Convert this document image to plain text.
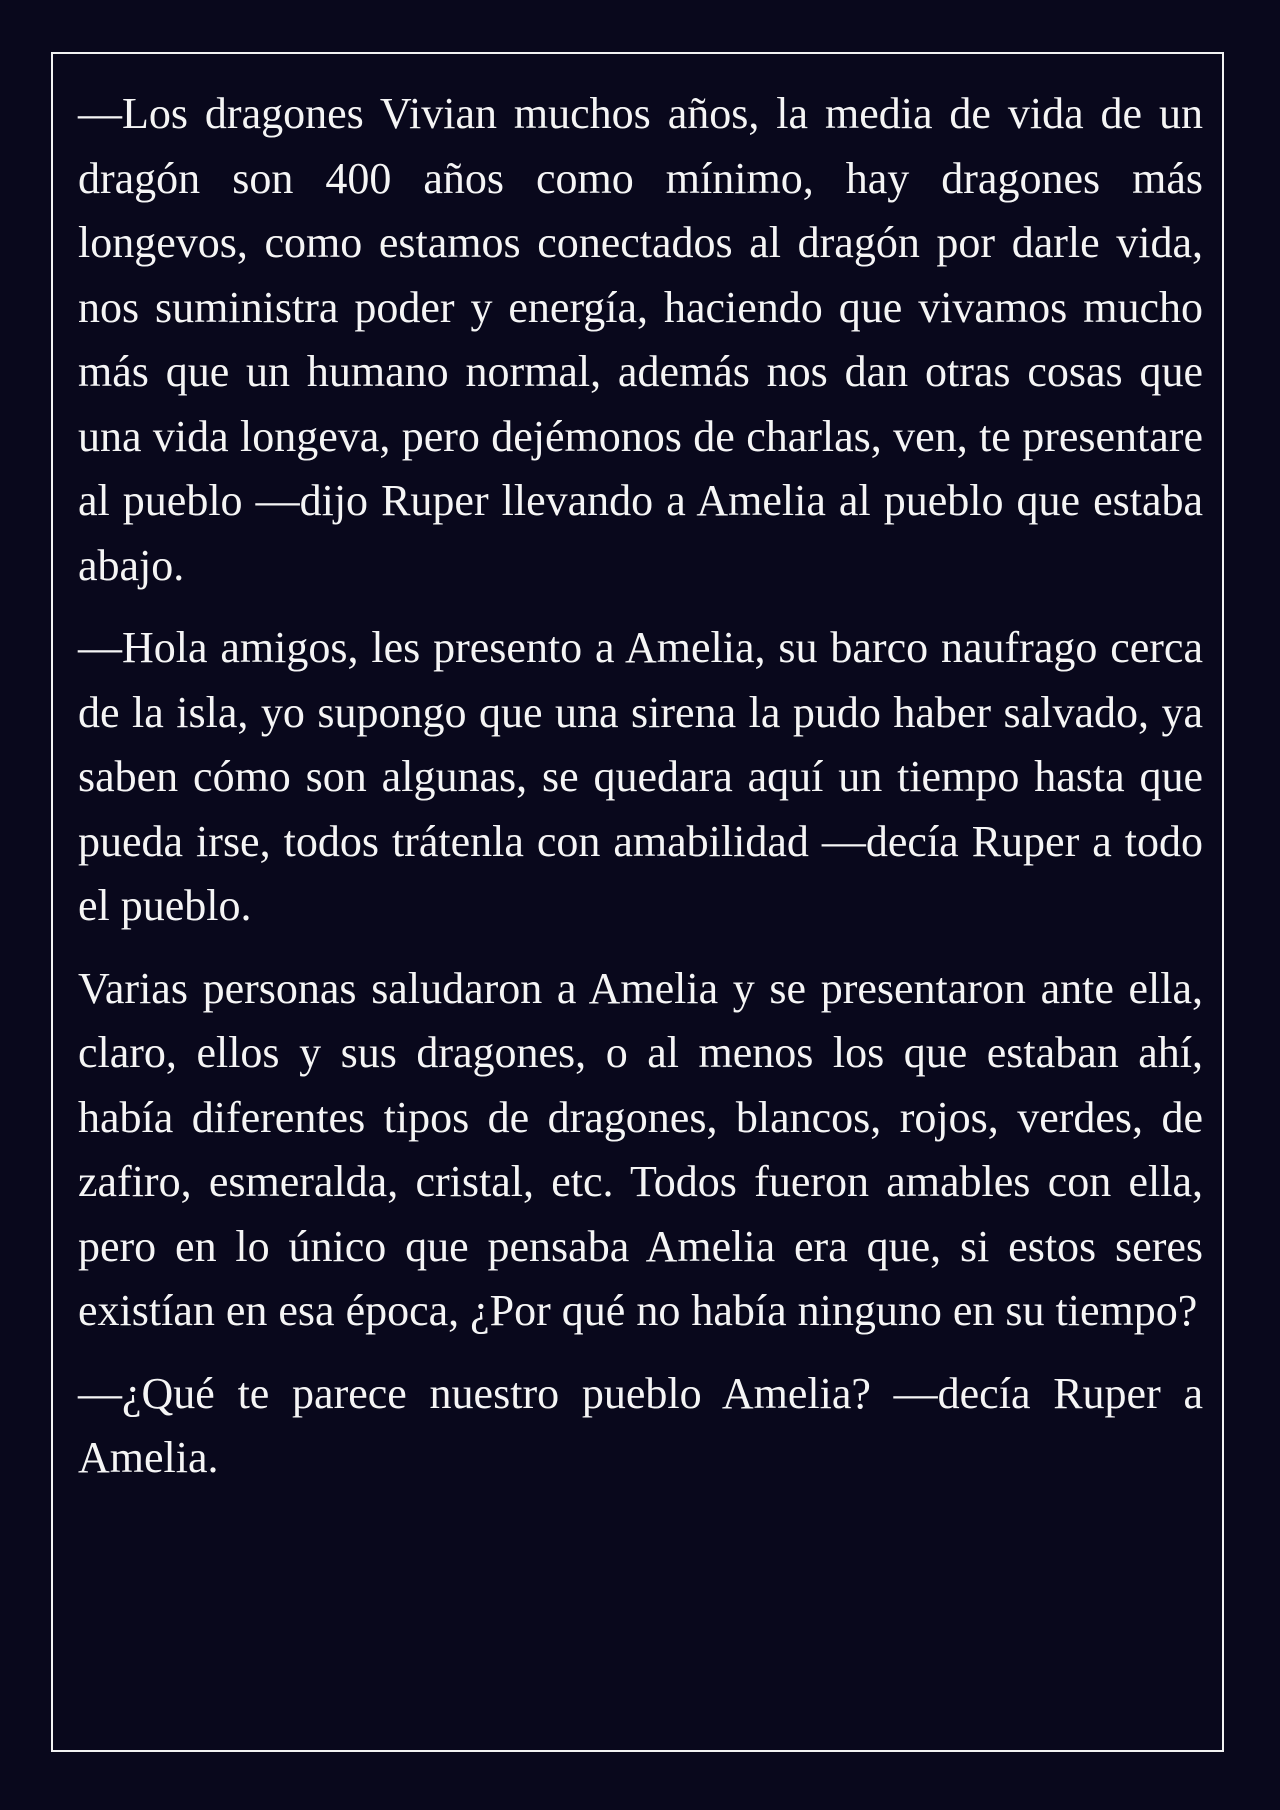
—Los dragones Vivian muchos años, la media de vida de un dragón son 400 años como mínimo, hay dragones más longevos, como estamos conectados al dragón por darle vida, nos suministra poder y energía, haciendo que vivamos mucho más que un humano normal, además nos dan otras cosas que una vida longeva, pero dejémonos de charlas, ven, te presentare al pueblo —dijo Ruper llevando a Amelia al pueblo que estaba abajo.

—Hola amigos, les presento a Amelia, su barco naufrago cerca de la isla, yo supongo que una sirena la pudo haber salvado, ya saben cómo son algunas, se quedara aquí un tiempo hasta que pueda irse, todos trátenla con amabilidad —decía Ruper a todo el pueblo.

Varias personas saludaron a Amelia y se presentaron ante ella, claro, ellos y sus dragones, o al menos los que estaban ahí, había diferentes tipos de dragones, blancos, rojos, verdes, de zafiro, esmeralda, cristal, etc. Todos fueron amables con ella, pero en lo único que pensaba Amelia era que, si estos seres existían en esa época, ¿Por qué no había ninguno en su tiempo?

—¿Qué te parece nuestro pueblo Amelia? —decía Ruper a Amelia.
